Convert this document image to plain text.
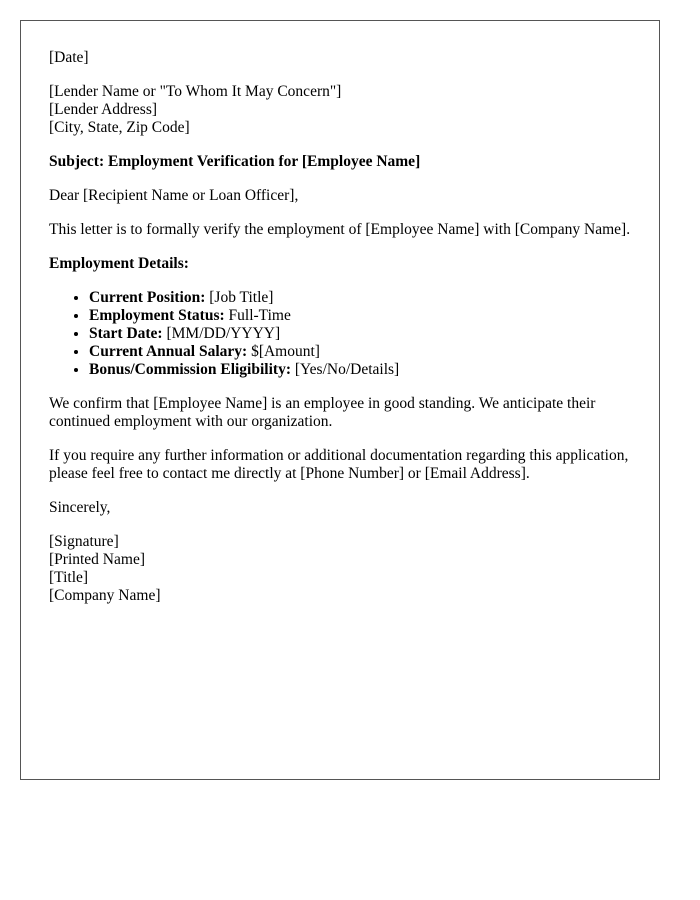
[Date]

[Lender Name or "To Whom It May Concern"]
[Lender Address]
[City, State, Zip Code]

Subject: Employment Verification for [Employee Name]

Dear [Recipient Name or Loan Officer],

This letter is to formally verify the employment of [Employee Name] with [Company Name].

Employment Details:

• Current Position: [Job Title]
• Employment Status: Full-Time
• Start Date: [MM/DD/YYYY]
• Current Annual Salary: $[Amount]
• Bonus/Commission Eligibility: [Yes/No/Details]

We confirm that [Employee Name] is an employee in good standing. We anticipate their continued employment with our organization.

If you require any further information or additional documentation regarding this application, please feel free to contact me directly at [Phone Number] or [Email Address].

Sincerely,

[Signature]
[Printed Name]
[Title]
[Company Name]
